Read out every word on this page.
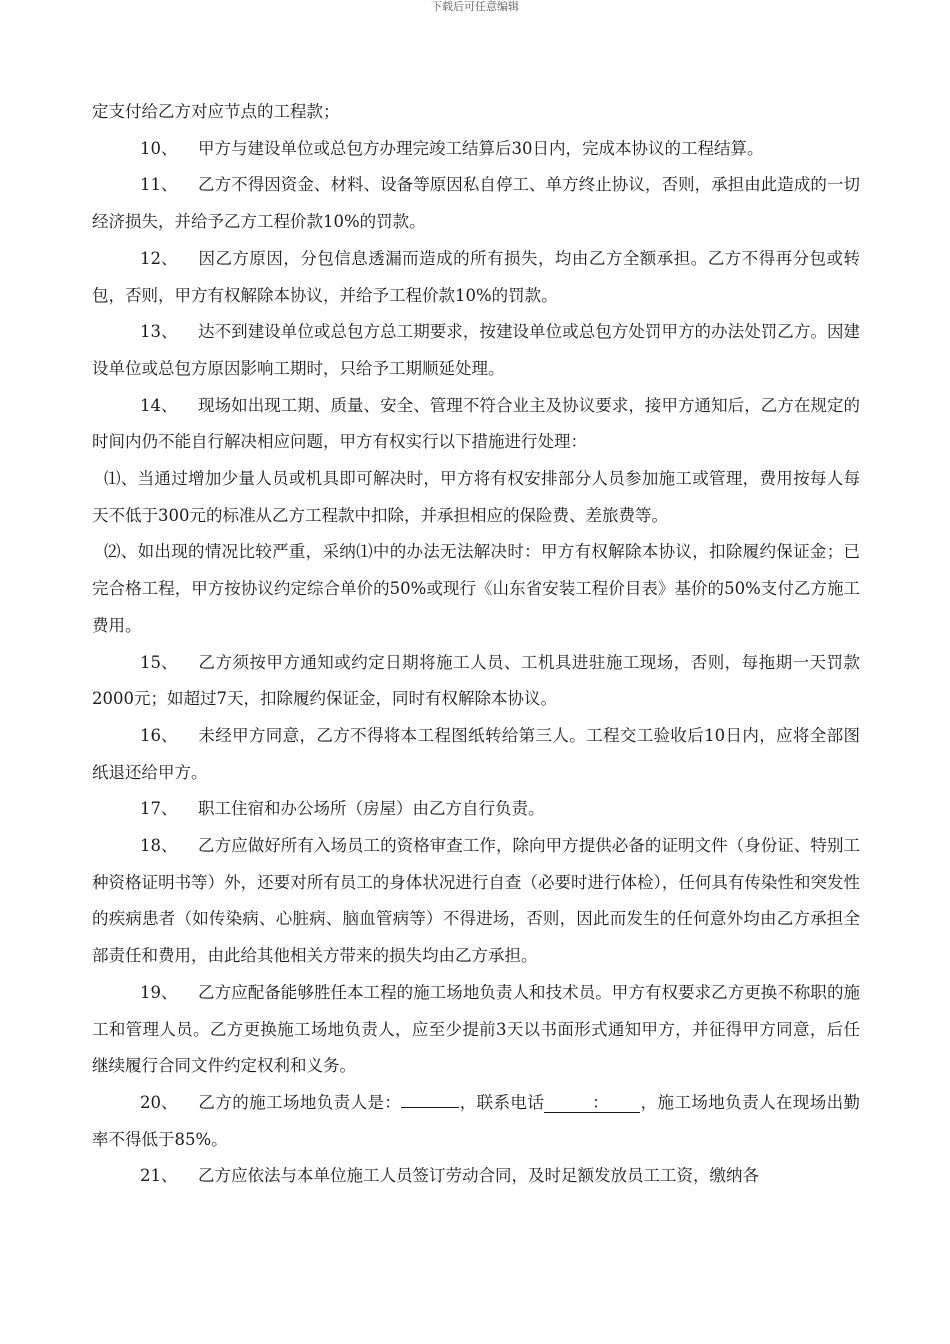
下载后可任意编辑

定支付给乙方对应节点的工程款；

10、 甲方与建设单位或总包方办理完竣工结算后30日内，完成本协议的工程结算。

11、 乙方不得因资金、材料、设备等原因私自停工、单方终止协议，否则，承担由此造成的一切经济损失，并给予乙方工程价款10%的罚款。

12、 因乙方原因，分包信息透漏而造成的所有损失，均由乙方全额承担。乙方不得再分包或转包，否则，甲方有权解除本协议，并给予工程价款10%的罚款。

13、 达不到建设单位或总包方总工期要求，按建设单位或总包方处罚甲方的办法处罚乙方。因建设单位或总包方原因影响工期时，只给予工期顺延处理。

14、 现场如出现工期、质量、安全、管理不符合业主及协议要求，接甲方通知后，乙方在规定的时间内仍不能自行解决相应问题，甲方有权实行以下措施进行处理：

⑴、当通过增加少量人员或机具即可解决时，甲方将有权安排部分人员参加施工或管理，费用按每人每天不低于300元的标准从乙方工程款中扣除，并承担相应的保险费、差旅费等。

⑵、如出现的情况比较严重，采纳⑴中的办法无法解决时：甲方有权解除本协议，扣除履约保证金；已完合格工程，甲方按协议约定综合单价的50%或现行《山东省安装工程价目表》基价的50%支付乙方施工费用。

15、 乙方须按甲方通知或约定日期将施工人员、工机具进驻施工现场，否则，每拖期一天罚款2000元；如超过7天，扣除履约保证金，同时有权解除本协议。

16、 未经甲方同意，乙方不得将本工程图纸转给第三人。工程交工验收后10日内，应将全部图纸退还给甲方。

17、 职工住宿和办公场所（房屋）由乙方自行负责。

18、 乙方应做好所有入场员工的资格审查工作，除向甲方提供必备的证明文件（身份证、特别工种资格证明书等）外，还要对所有员工的身体状况进行自查（必要时进行体检），任何具有传染性和突发性的疾病患者（如传染病、心脏病、脑血管病等）不得进场，否则，因此而发生的任何意外均由乙方承担全部责任和费用，由此给其他相关方带来的损失均由乙方承担。

19、 乙方应配备能够胜任本工程的施工场地负责人和技术员。甲方有权要求乙方更换不称职的施工和管理人员。乙方更换施工场地负责人，应至少提前3天以书面形式通知甲方，并征得甲方同意，后任继续履行合同文件约定权利和义务。

20、 乙方的施工场地负责人是：	，联系电话	： ，施工场地负责人在现场出勤率不得低于85%。

21、 乙方应依法与本单位施工人员签订劳动合同，及时足额发放员工工资，缴纳各
